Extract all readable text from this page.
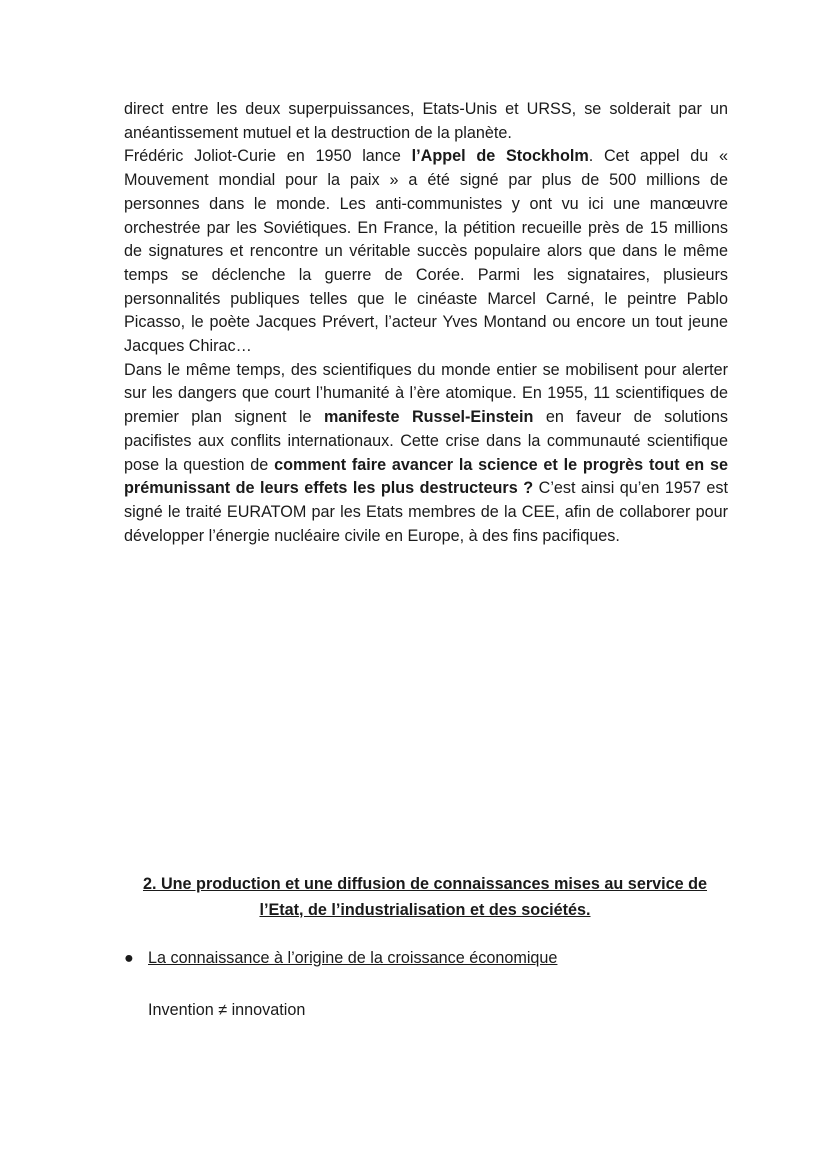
direct entre les deux superpuissances, Etats-Unis et URSS, se solderait par un anéantissement mutuel et la destruction de la planète.

Frédéric Joliot-Curie en 1950 lance l’Appel de Stockholm. Cet appel du « Mouvement mondial pour la paix » a été signé par plus de 500 millions de personnes dans le monde. Les anti-communistes y ont vu ici une manœuvre orchestrée par les Soviétiques. En France, la pétition recueille près de 15 millions de signatures et rencontre un véritable succès populaire alors que dans le même temps se déclenche la guerre de Corée. Parmi les signataires, plusieurs personnalités publiques telles que le cinéaste Marcel Carné, le peintre Pablo Picasso, le poète Jacques Prévert, l’acteur Yves Montand ou encore un tout jeune Jacques Chirac…

Dans le même temps, des scientifiques du monde entier se mobilisent pour alerter sur les dangers que court l’humanité à l’ère atomique. En 1955, 11 scientifiques de premier plan signent le manifeste Russel-Einstein en faveur de solutions pacifistes aux conflits internationaux. Cette crise dans la communauté scientifique pose la question de comment faire avancer la science et le progrès tout en se prémunissant de leurs effets les plus destructeurs ? C’est ainsi qu’en 1957 est signé le traité EURATOM par les Etats membres de la CEE, afin de collaborer pour développer l’énergie nucléaire civile en Europe, à des fins pacifiques.

2. Une production et une diffusion de connaissances mises au service de
l’Etat, de l’industrialisation et des sociétés.
● La connaissance à l’origine de la croissance économique
Invention ≠ innovation
